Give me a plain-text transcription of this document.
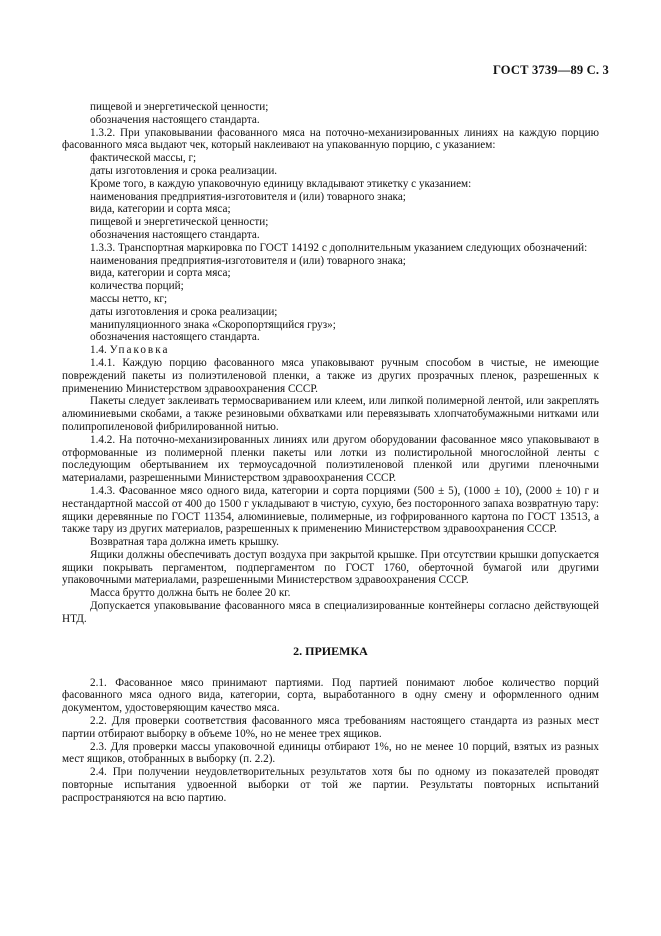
ГОСТ 3739—89 С. 3

пищевой и энергетической ценности;

обозначения настоящего стандарта.

1.3.2. При упаковывании фасованного мяса на поточно-механизированных линиях на каждую порцию фасованного мяса выдают чек, который наклеивают на упакованную порцию, с указанием:

фактической массы, г;

даты изготовления и срока реализации.

Кроме того, в каждую упаковочную единицу вкладывают этикетку с указанием:

наименования предприятия-изготовителя и (или) товарного знака;

вида, категории и сорта мяса;

пищевой и энергетической ценности;

обозначения настоящего стандарта.

1.3.3. Транспортная маркировка по ГОСТ 14192 с дополнительным указанием следующих обозначений:

наименования предприятия-изготовителя и (или) товарного знака;

вида, категории и сорта мяса;

количества порций;

массы нетто, кг;

даты изготовления и срока реализации;

манипуляционного знака «Скоропортящийся груз»;

обозначения настоящего стандарта.

1.4. Упаковка

1.4.1. Каждую порцию фасованного мяса упаковывают ручным способом в чистые, не имеющие повреждений пакеты из полиэтиленовой пленки, а также из других прозрачных пленок, разрешенных к применению Министерством здравоохранения СССР.

Пакеты следует заклеивать термосвариванием или клеем, или липкой полимерной лентой, или закреплять алюминиевыми скобами, а также резиновыми обхватками или перевязывать хлопчатобумажными нитками или полипропиленовой фибрилированной нитью.

1.4.2. На поточно-механизированных линиях или другом оборудовании фасованное мясо упаковывают в отформованные из полимерной пленки пакеты или лотки из полистирольной многослойной ленты с последующим обертыванием их термоусадочной полиэтиленовой пленкой или другими пленочными материалами, разрешенными Министерством здравоохранения СССР.

1.4.3. Фасованное мясо одного вида, категории и сорта порциями (500 ± 5), (1000 ± 10), (2000 ± 10) г и нестандартной массой от 400 до 1500 г укладывают в чистую, сухую, без посторонного запаха возвратную тару: ящики деревянные по ГОСТ 11354, алюминиевые, полимерные, из гофрированного картона по ГОСТ 13513, а также тару из других материалов, разрешенных к применению Министерством здравоохранения СССР.

Возвратная тара должна иметь крышку.

Ящики должны обеспечивать доступ воздуха при закрытой крышке. При отсутствии крышки допускается ящики покрывать пергаментом, подпергаментом по ГОСТ 1760, оберточной бумагой или другими упаковочными материалами, разрешенными Министерством здравоохранения СССР.

Масса брутто должна быть не более 20 кг.

Допускается упаковывание фасованного мяса в специализированные контейнеры согласно действующей НТД.

2. ПРИЕМКА

2.1. Фасованное мясо принимают партиями. Под партией понимают любое количество порций фасованного мяса одного вида, категории, сорта, выработанного в одну смену и оформленного одним документом, удостоверяющим качество мяса.

2.2. Для проверки соответствия фасованного мяса требованиям настоящего стандарта из разных мест партии отбирают выборку в объеме 10%, но не менее трех ящиков.

2.3. Для проверки массы упаковочной единицы отбирают 1%, но не менее 10 порций, взятых из разных мест ящиков, отобранных в выборку (п. 2.2).

2.4. При получении неудовлетворительных результатов хотя бы по одному из показателей проводят повторные испытания удвоенной выборки от той же партии. Результаты повторных испытаний распространяются на всю партию.
